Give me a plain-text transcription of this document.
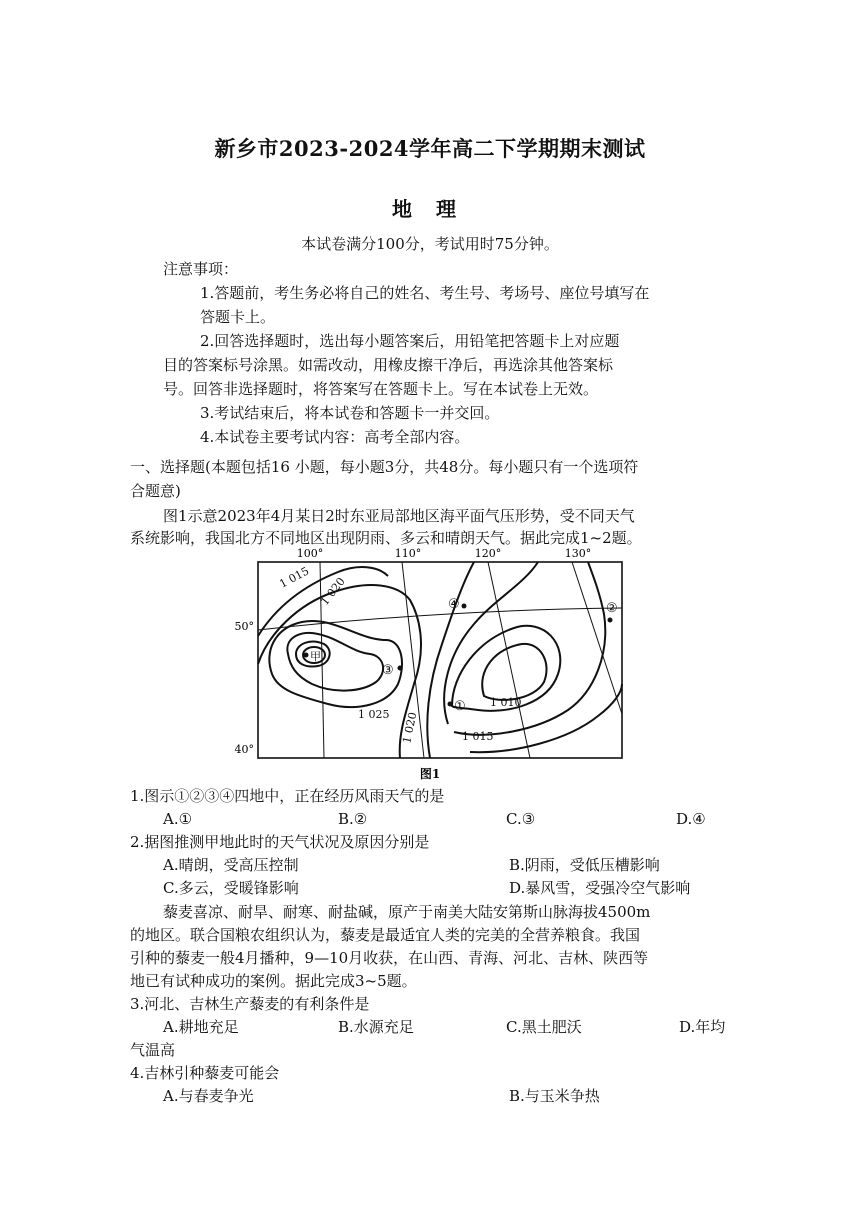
新乡市2023-2024学年高二下学期期末测试
地理
本试卷满分100分，考试用时75分钟。
注意事项：
1.答题前，考生务必将自己的姓名、考生号、考场号、座位号填写在
答题卡上。
2.回答选择题时，选出每小题答案后，用铅笔把答题卡上对应题
目的答案标号涂黑。如需改动，用橡皮擦干净后，再选涂其他答案标
号。回答非选择题时，将答案写在答题卡上。写在本试卷上无效。
3.考试结束后，将本试卷和答题卡一并交回。
4.本试卷主要考试内容：高考全部内容。
一、选择题(本题包括16 小题，每小题3分，共48分。每小题只有一个选项符
合题意)
图1示意2023年4月某日2时东亚局部地区海平面气压形势，受不同天气
系统影响，我国北方不同地区出现阴雨、多云和晴朗天气。据此完成1~2题。
100°	110°	120°	130°
50°
40°
1 015 1 020
1 025 1 020
1 010
1 015
甲
①
②
③
④
图1
1.图示①②③④四地中，正在经历风雨天气的是
A.①	B.②	C.③	D.④
2.据图推测甲地此时的天气状况及原因分别是
A.晴朗，受高压控制	B.阴雨，受低压槽影响
C.多云，受暖锋影响	D.暴风雪，受强冷空气影响
藜麦喜凉、耐旱、耐寒、耐盐碱，原产于南美大陆安第斯山脉海拔4500m
的地区。联合国粮农组织认为，藜麦是最适宜人类的完美的全营养粮食。我国
引种的藜麦一般4月播种，9—10月收获，在山西、青海、河北、吉林、陕西等
地已有试种成功的案例。据此完成3~5题。
3.河北、吉林生产藜麦的有利条件是
A.耕地充足	B.水源充足	C.黑土肥沃	D.年均
气温高
4.吉林引种藜麦可能会
A.与春麦争光	B.与玉米争热
